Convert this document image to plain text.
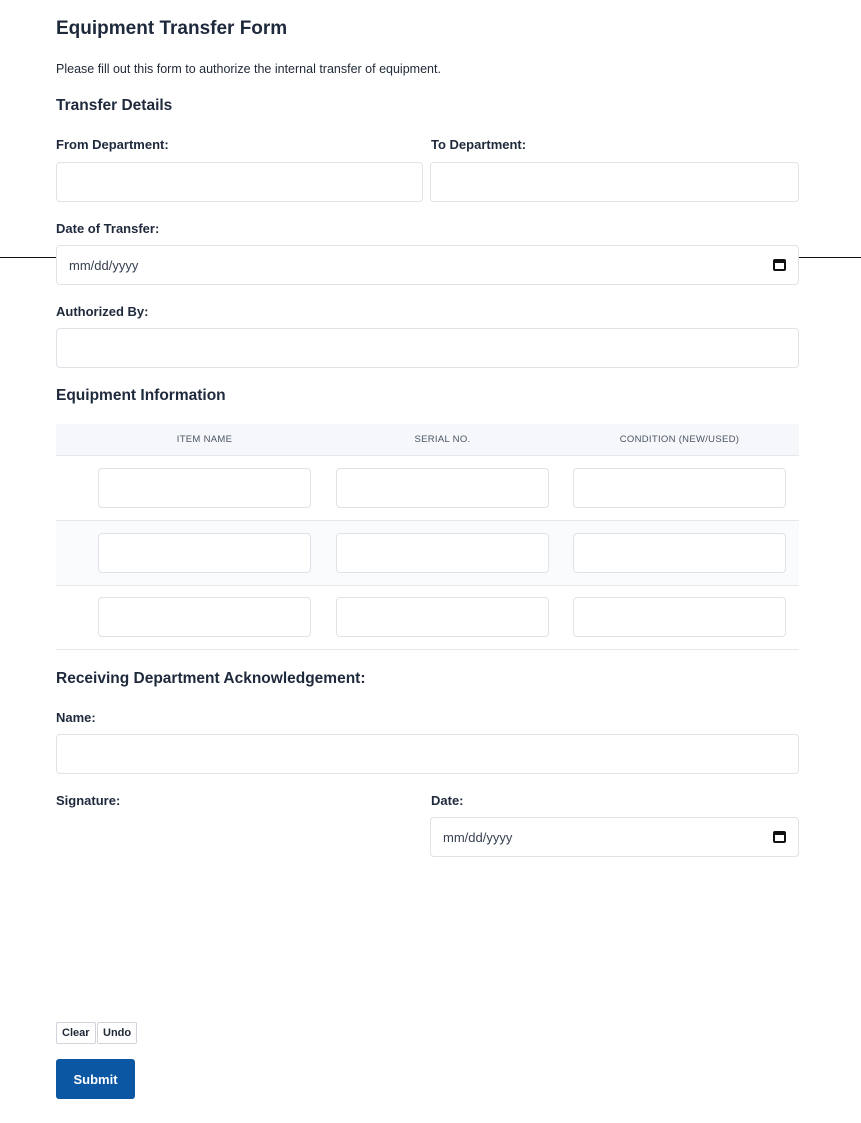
Equipment Transfer Form

Please fill out this form to authorize the internal transfer of equipment.

Transfer Details
From Department:	To Department:
Date of Transfer:
mm/dd/yyyy
Authorized By:
Equipment Information
ITEM NAME	SERIAL NO.	CONDITION (NEW/USED)
Receiving Department Acknowledgement:
Name:
Signature:	Date:
mm/dd/yyyy
Clear	Undo
Submit
